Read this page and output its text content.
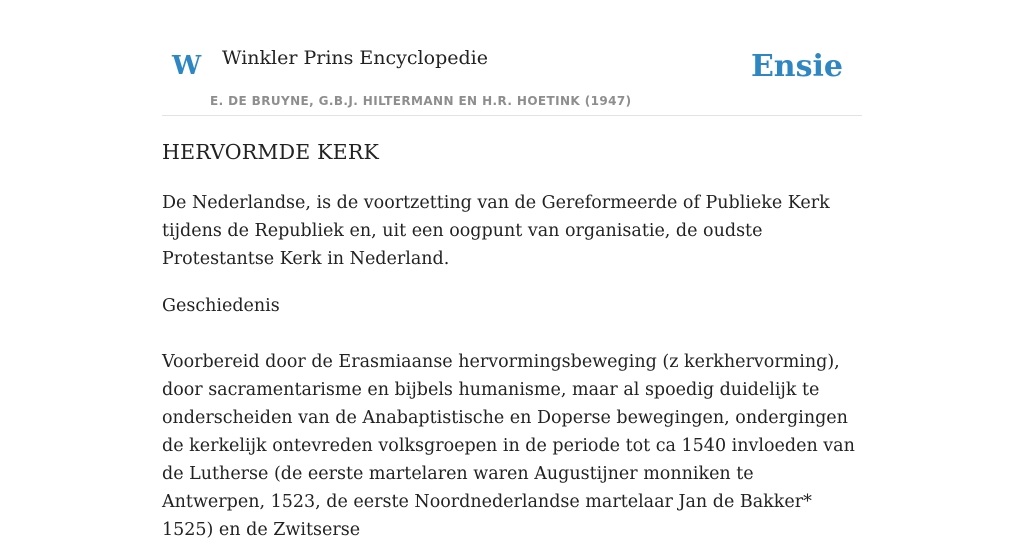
W Winkler Prins Encyclopedie
E. DE BRUYNE, G.B.J. HILTERMANN EN H.R. HOETINK (1947)
Ensie
HERVORMDE KERK

De Nederlandse, is de voortzetting van de Gereformeerde of Publieke Kerk tijdens de Republiek en, uit een oogpunt van organisatie, de oudste Protestantse Kerk in Nederland.

Geschiedenis

Voorbereid door de Erasmiaanse hervormingsbeweging (z kerkhervorming), door sacramentarisme en bijbels humanisme, maar al spoedig duidelijk te onderscheiden van de Anabaptistische en Doperse bewegingen, ondergingen de kerkelijk ontevreden volksgroepen in de periode tot ca 1540 invloeden van de Lutherse (de eerste martelaren waren Augustijner monniken te Antwerpen, 1523, de eerste Noordnederlandse martelaar Jan de Bakker* 1525) en de Zwitserse
